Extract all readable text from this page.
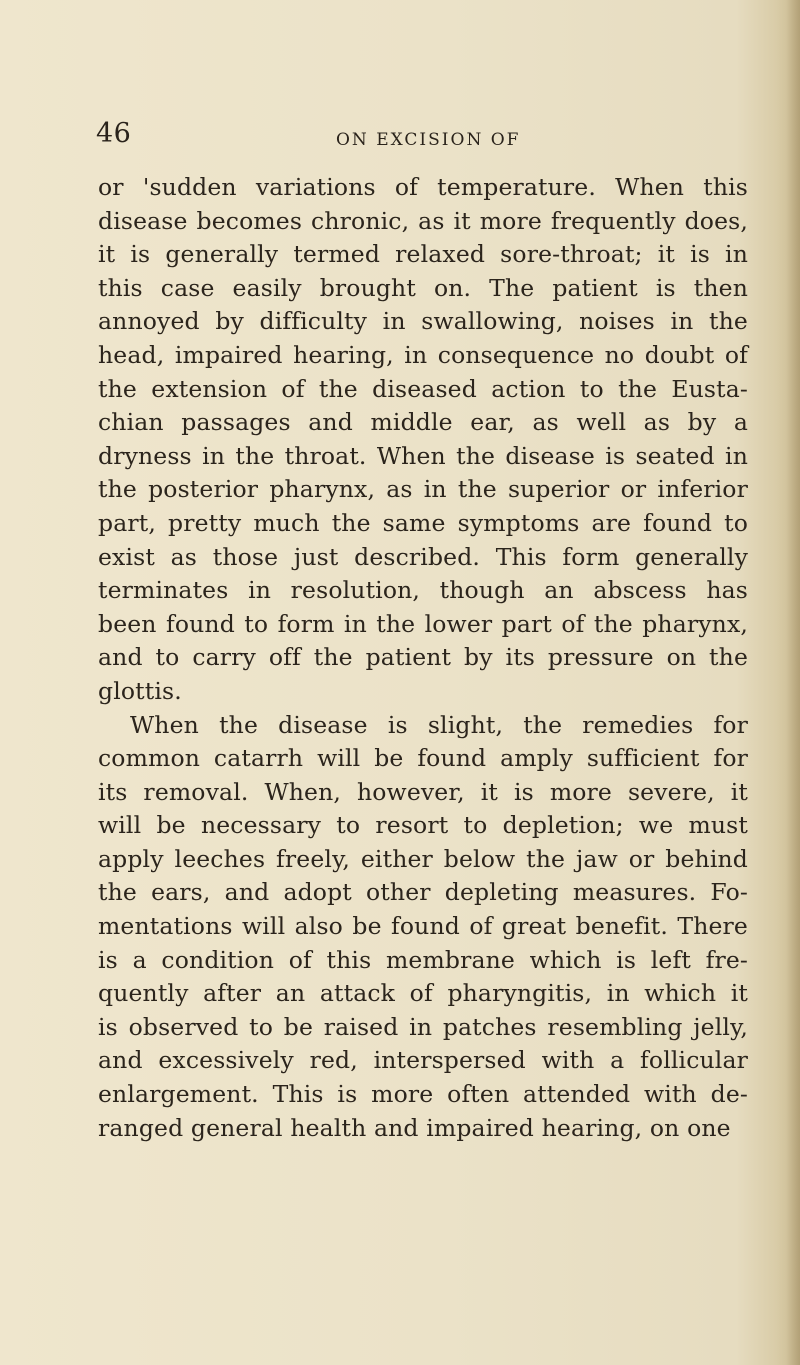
46	ON EXCISION OF
or 'sudden variations of temperature. When this
disease becomes chronic, as it more frequently does,
it is generally termed relaxed sore-throat; it is in
this case easily brought on. The patient is then
annoyed by difficulty in swallowing, noises in the
head, impaired hearing, in consequence no doubt of
the extension of the diseased action to the Eusta-
chian passages and middle ear, as well as by a
dryness in the throat. When the disease is seated in
the posterior pharynx, as in the superior or inferior
part, pretty much the same symptoms are found to
exist as those just described. This form generally
terminates in resolution, though an abscess has
been found to form in the lower part of the pharynx,
and to carry off the patient by its pressure on the
glottis.
When the disease is slight, the remedies for
common catarrh will be found amply sufficient for
its removal. When, however, it is more severe, it
will be necessary to resort to depletion; we must
apply leeches freely, either below the jaw or behind
the ears, and adopt other depleting measures. Fo-
mentations will also be found of great benefit. There
is a condition of this membrane which is left fre-
quently after an attack of pharyngitis, in which it
is observed to be raised in patches resembling jelly,
and excessively red, interspersed with a follicular
enlargement. This is more often attended with de-
ranged general health and impaired hearing, on one
